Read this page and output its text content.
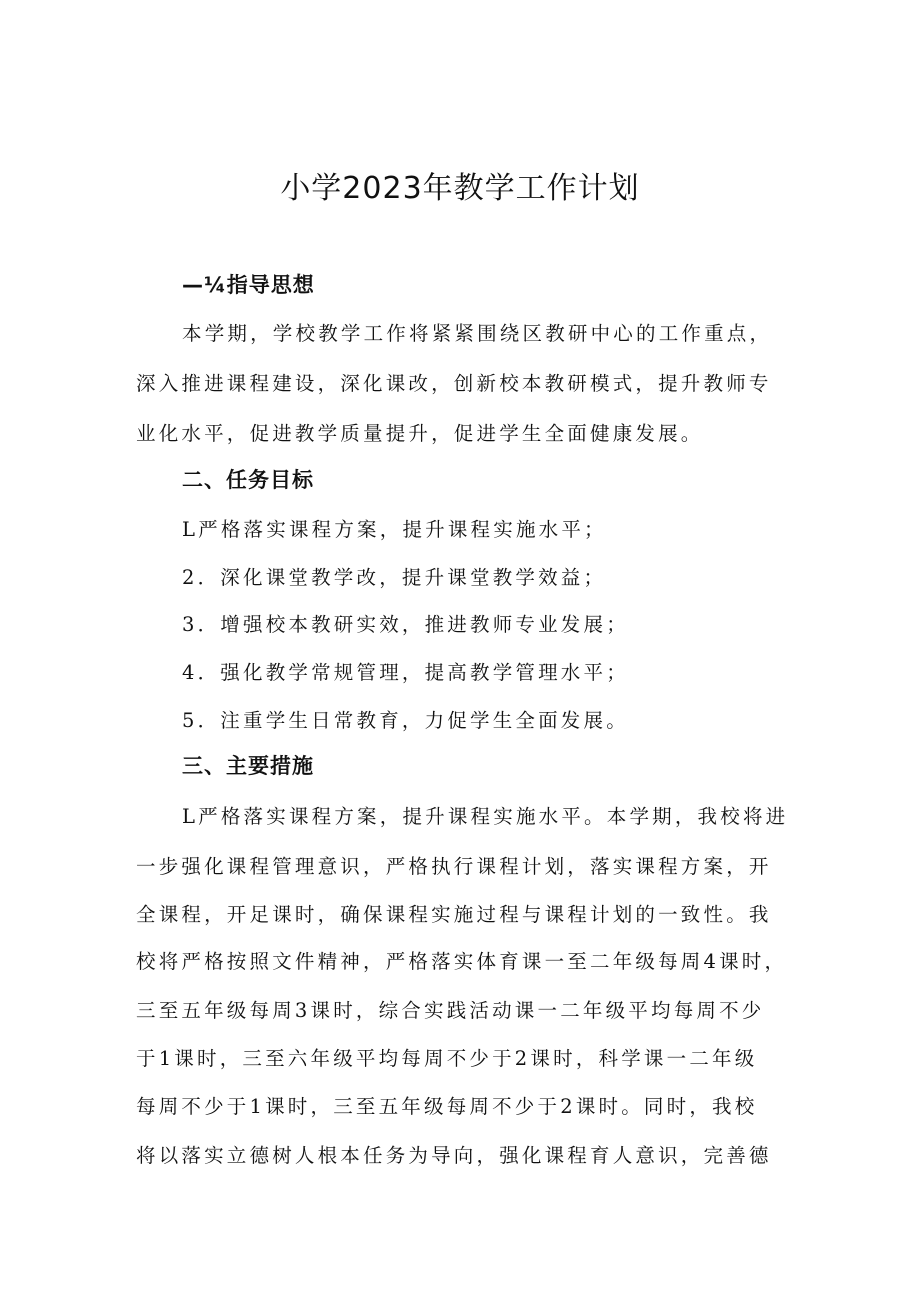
小学2023年教学工作计划
—¼指导思想

本学期，学校教学工作将紧紧围绕区教研中心的工作重点，

深入推进课程建设，深化课改，创新校本教研模式，提升教师专

业化水平，促进教学质量提升，促进学生全面健康发展。

二、任务目标

L严格落实课程方案，提升课程实施水平；

2．深化课堂教学改，提升课堂教学效益；

3．增强校本教研实效，推进教师专业发展；

4．强化教学常规管理，提高教学管理水平；

5．注重学生日常教育，力促学生全面发展。

三、主要措施

L严格落实课程方案，提升课程实施水平。本学期，我校将进

一步强化课程管理意识，严格执行课程计划，落实课程方案，开

全课程，开足课时，确保课程实施过程与课程计划的一致性。我

校将严格按照文件精神，严格落实体育课一至二年级每周4课时，

三至五年级每周3课时，综合实践活动课一二年级平均每周不少

于1课时，三至六年级平均每周不少于2课时，科学课一二年级

每周不少于1课时，三至五年级每周不少于2课时。同时，我校

将以落实立德树人根本任务为导向，强化课程育人意识，完善德
